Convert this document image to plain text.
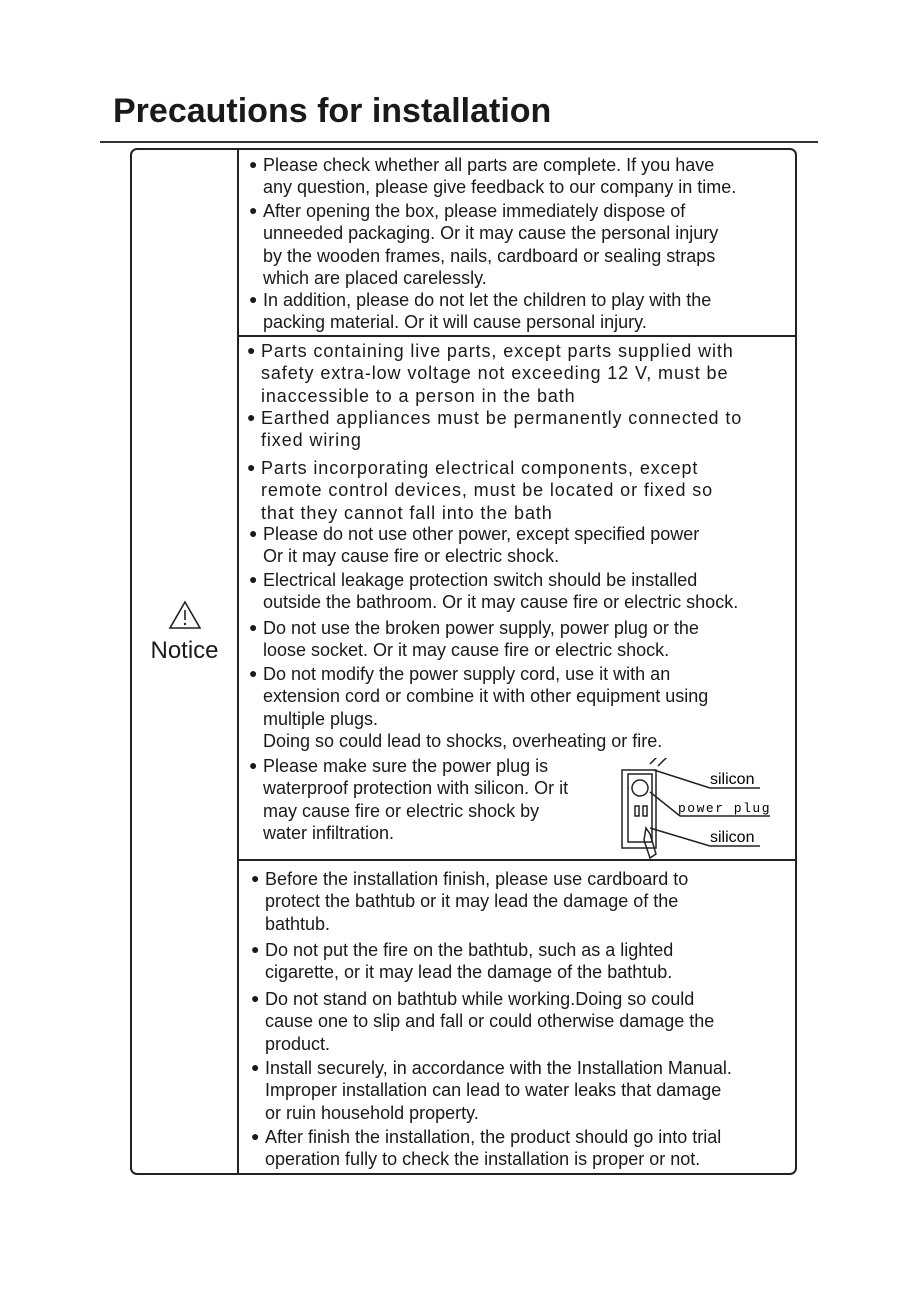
Precautions for installation
Notice
● Please check whether all parts are complete. If you have
any question, please give feedback to our company in time.
● After opening the box, please immediately dispose of
unneeded packaging. Or it may cause the personal injury
by the wooden frames, nails, cardboard or sealing straps
which are placed carelessly.
● In addition, please do not let the children to play with the
packing material. Or it will cause personal injury.
● Parts containing live parts, except parts supplied with
safety extra-low voltage not exceeding 12 V, must be
inaccessible to a person in the bath
● Earthed appliances must be permanently connected to
fixed wiring
● Parts incorporating electrical components, except
remote control devices, must be located or fixed so
that they cannot fall into the bath
● Please do not use other power, except specified power
Or it may cause fire or electric shock.
● Electrical leakage protection switch should be installed
outside the bathroom. Or it may cause fire or electric shock.
● Do not use the broken power supply, power plug or the
loose socket. Or it may cause fire or electric shock.
● Do not modify the power supply cord, use it with an
extension cord or combine it with other equipment using
multiple plugs.
Doing so could lead to shocks, overheating or fire.
● Please make sure the power plug is
waterproof protection with silicon. Or it
may cause fire or electric shock by
water infiltration.
● Before the installation finish, please use cardboard to
protect the bathtub or it may lead the damage of the
bathtub.
● Do not put the fire on the bathtub, such as a lighted
cigarette, or it may lead the damage of the bathtub.
● Do not stand on bathtub while working.Doing so could
cause one to slip and fall or could otherwise damage the
product.
● Install securely, in accordance with the Installation Manual.
Improper installation can lead to water leaks that damage
or ruin household property.
● After finish the installation, the product should go into trial
operation fully to check the installation is proper or not.
silicon
power plug
silicon
